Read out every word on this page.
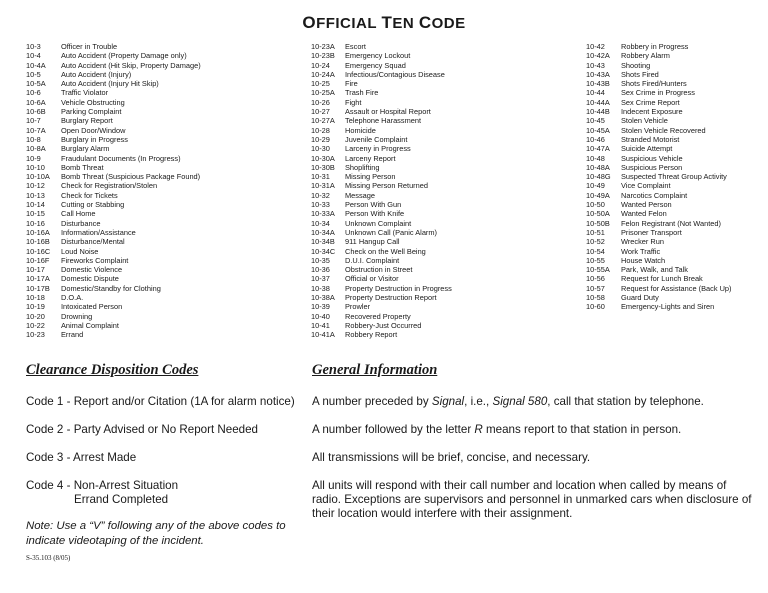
OFFICIAL TEN CODE
10-3	Officer in Trouble
10-4	Auto Accident (Property Damage only)
10-4A	Auto Accident (Hit Skip, Property Damage)
10-5	Auto Accident (Injury)
10-5A	Auto Accident (Injury Hit Skip)
10-6	Traffic Violator
10-6A	Vehicle Obstructing
10-6B	Parking Complaint
10-7	Burglary Report
10-7A	Open Door/Window
10-8	Burglary in Progress
10-8A	Burglary Alarm
10-9	Fraudulant Documents (In Progress)
10-10	Bomb Threat
10-10A	Bomb Threat (Suspicious Package Found)
10-12	Check for Registration/Stolen
10-13	Check for Tickets
10-14	Cutting or Stabbing
10-15	Call Home
10-16	Disturbance
10-16A	Information/Assistance
10-16B	Disturbance/Mental
10-16C	Loud Noise
10-16F	Fireworks Complaint
10-17	Domestic Violence
10-17A	Domestic Dispute
10-17B	Domestic/Standby for Clothing
10-18	D.O.A.
10-19	Intoxicated Person
10-20	Drowning
10-22	Animal Complaint
10-23	Errand
10-23A	Escort
10-23B	Emergency Lockout
10-24	Emergency Squad
10-24A	Infectious/Contagious Disease
10-25	Fire
10-25A	Trash Fire
10-26	Fight
10-27	Assault or Hospital Report
10-27A	Telephone Harassment
10-28	Homicide
10-29	Juvenile Complaint
10-30	Larceny in Progress
10-30A	Larceny Report
10-30B	Shoplifting
10-31	Missing Person
10-31A	Missing Person Returned
10-32	Message
10-33	Person With Gun
10-33A	Person With Knife
10-34	Unknown Complaint
10-34A	Unknown Call (Panic Alarm)
10-34B	911 Hangup Call
10-34C	Check on the Well Being
10-35	D.U.I. Complaint
10-36	Obstruction in Street
10-37	Official or Visitor
10-38	Property Destruction in Progress
10-38A	Property Destruction Report
10-39	Prowler
10-40	Recovered Property
10-41	Robbery-Just Occurred
10-41A	Robbery Report
10-42	Robbery in Progress
10-42A	Robbery Alarm
10-43	Shooting
10-43A	Shots Fired
10-43B	Shots Fired/Hunters
10-44	Sex Crime in Progress
10-44A	Sex Crime Report
10-44B	Indecent Exposure
10-45	Stolen Vehicle
10-45A	Stolen Vehicle Recovered
10-46	Stranded Motorist
10-47A	Suicide Attempt
10-48	Suspicious Vehicle
10-48A	Suspicious Person
10-48G	Suspected Threat Group Activity
10-49	Vice Complaint
10-49A	Narcotics Complaint
10-50	Wanted Person
10-50A	Wanted Felon
10-50B	Felon Registrant (Not Wanted)
10-51	Prisoner Transport
10-52	Wrecker Run
10-54	Work Traffic
10-55	House Watch
10-55A	Park, Walk, and Talk
10-56	Request for Lunch Break
10-57	Request for Assistance (Back Up)
10-58	Guard Duty
10-60	Emergency-Lights and Siren
Clearance Disposition Codes	General Information
Code 1 - Report and/or Citation (1A for alarm notice)
Code 2 - Party Advised or No Report Needed
Code 3 - Arrest Made
Code 4 - Non-Arrest Situation
Errand Completed
Note: Use a “V” following any of the above codes to indicate videotaping of the incident.
S-35.103 (8/05)
A number preceded by Signal, i.e., Signal 580, call that station by telephone.
A number followed by the letter R means report to that station in person.
All transmissions will be brief, concise, and necessary.
All units will respond with their call number and location when called by means of radio. Exceptions are supervisors and personnel in unmarked cars when disclosure of their location would interfere with their assignment.
